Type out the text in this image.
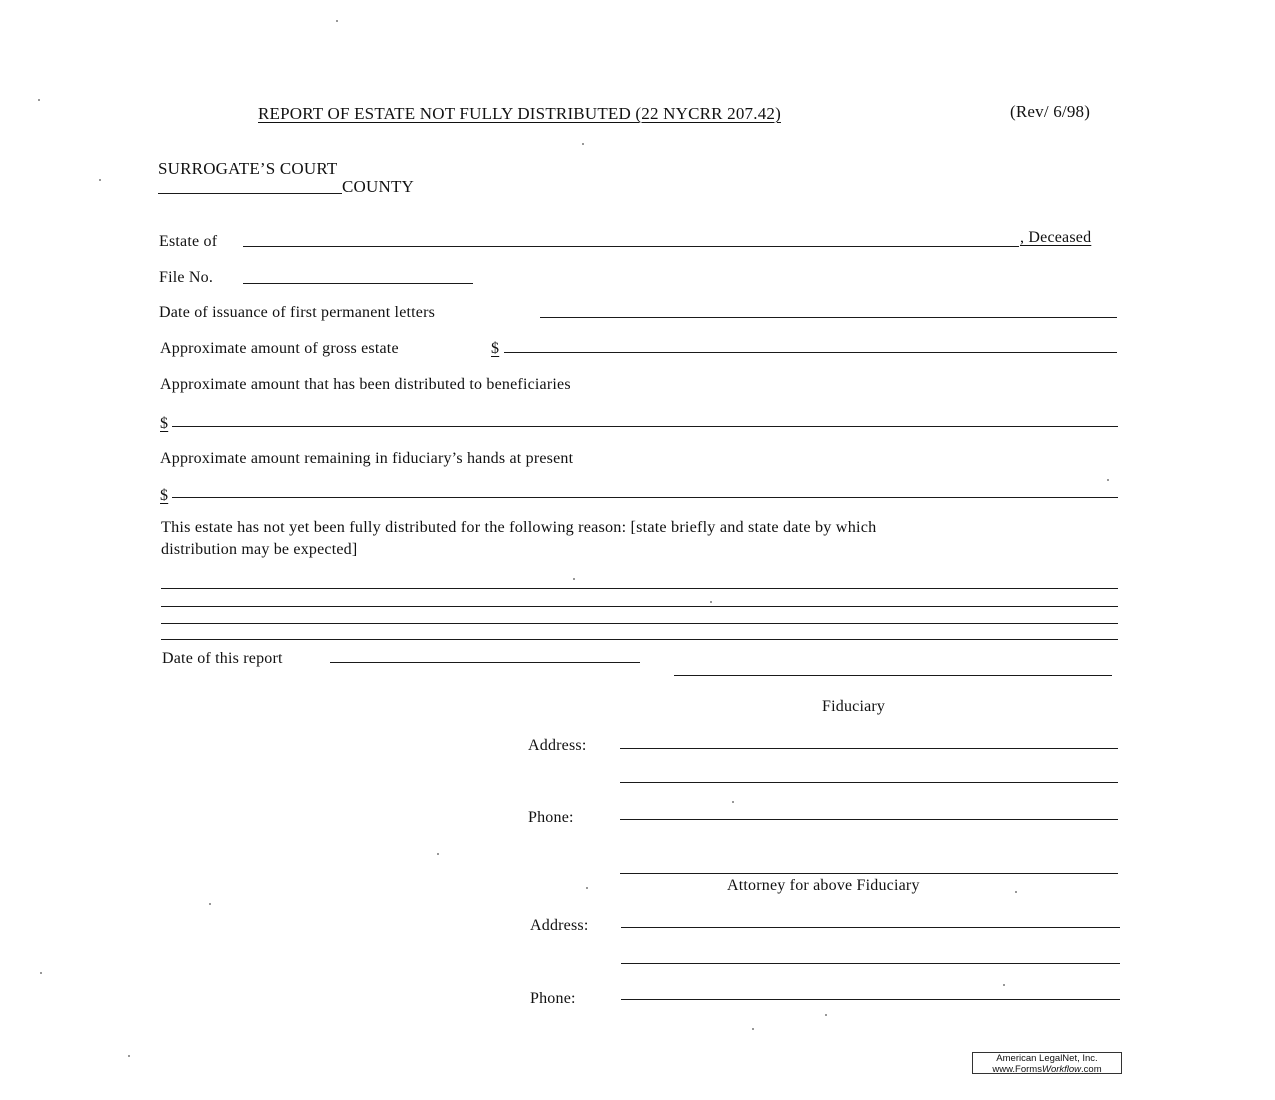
REPORT OF ESTATE NOT FULLY DISTRIBUTED (22 NYCRR 207.42)	(Rev/ 6/98)
SURROGATE’S COURT
COUNTY
Estate of	, Deceased
File No.
Date of issuance of first permanent letters
Approximate amount of gross estate	$
Approximate amount that has been distributed to beneficiaries
$
Approximate amount remaining in fiduciary’s hands at present
$
This estate has not yet been fully distributed for the following reason: [state briefly and state date by which
distribution may be expected]
Date of this report
Fiduciary
Address:
Phone:
Attorney for above Fiduciary
Address:
Phone:
American LegalNet, Inc.
www.FormsWorkflow.com
